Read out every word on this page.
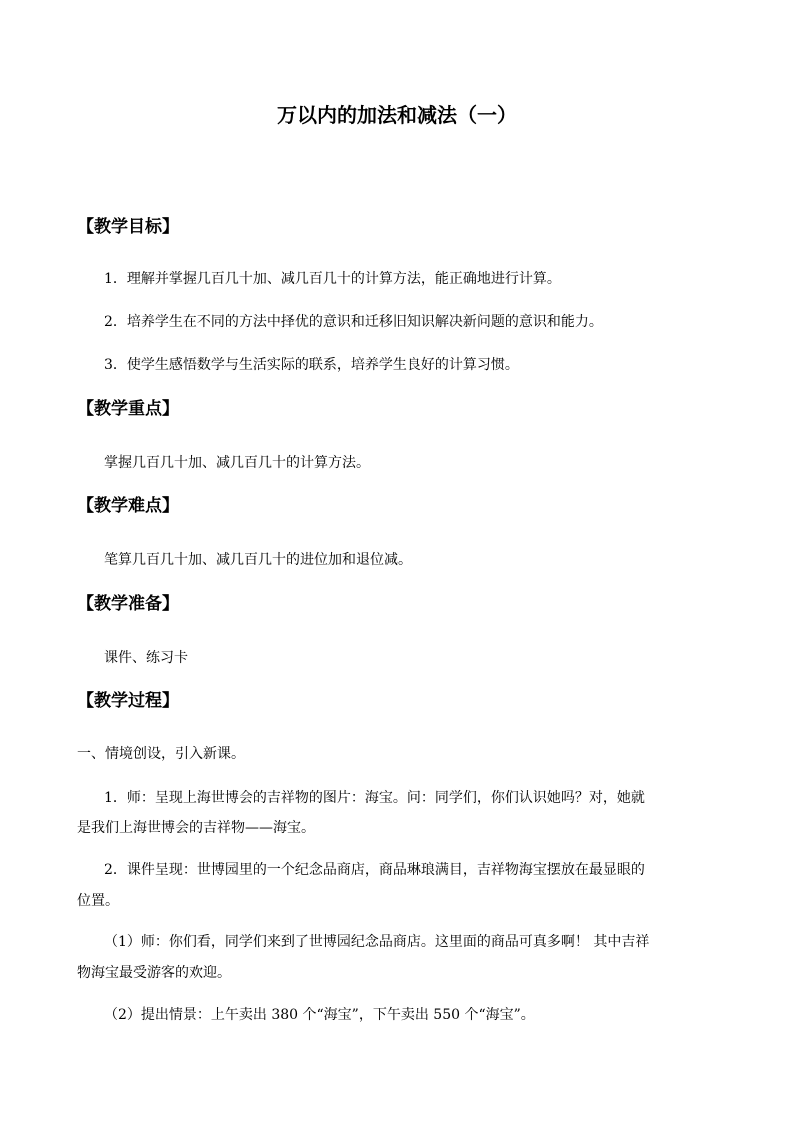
万以内的加法和减法（一）
【教学目标】
1．理解并掌握几百几十加、减几百几十的计算方法，能正确地进行计算。
2．培养学生在不同的方法中择优的意识和迁移旧知识解决新问题的意识和能力。
3．使学生感悟数学与生活实际的联系，培养学生良好的计算习惯。
【教学重点】
掌握几百几十加、减几百几十的计算方法。
【教学难点】
笔算几百几十加、减几百几十的进位加和退位减。
【教学准备】
课件、练习卡
【教学过程】
一、情境创设，引入新课。
1．师：呈现上海世博会的吉祥物的图片：海宝。问：同学们，你们认识她吗？对，她就
是我们上海世博会的吉祥物——海宝。
2．课件呈现：世博园里的一个纪念品商店，商品琳琅满目，吉祥物海宝摆放在最显眼的
位置。
（1）师：你们看，同学们来到了世博园纪念品商店。这里面的商品可真多啊！ 其中吉祥
物海宝最受游客的欢迎。
（2）提出情景：上午卖出 380 个“海宝”，下午卖出 550 个“海宝”。
